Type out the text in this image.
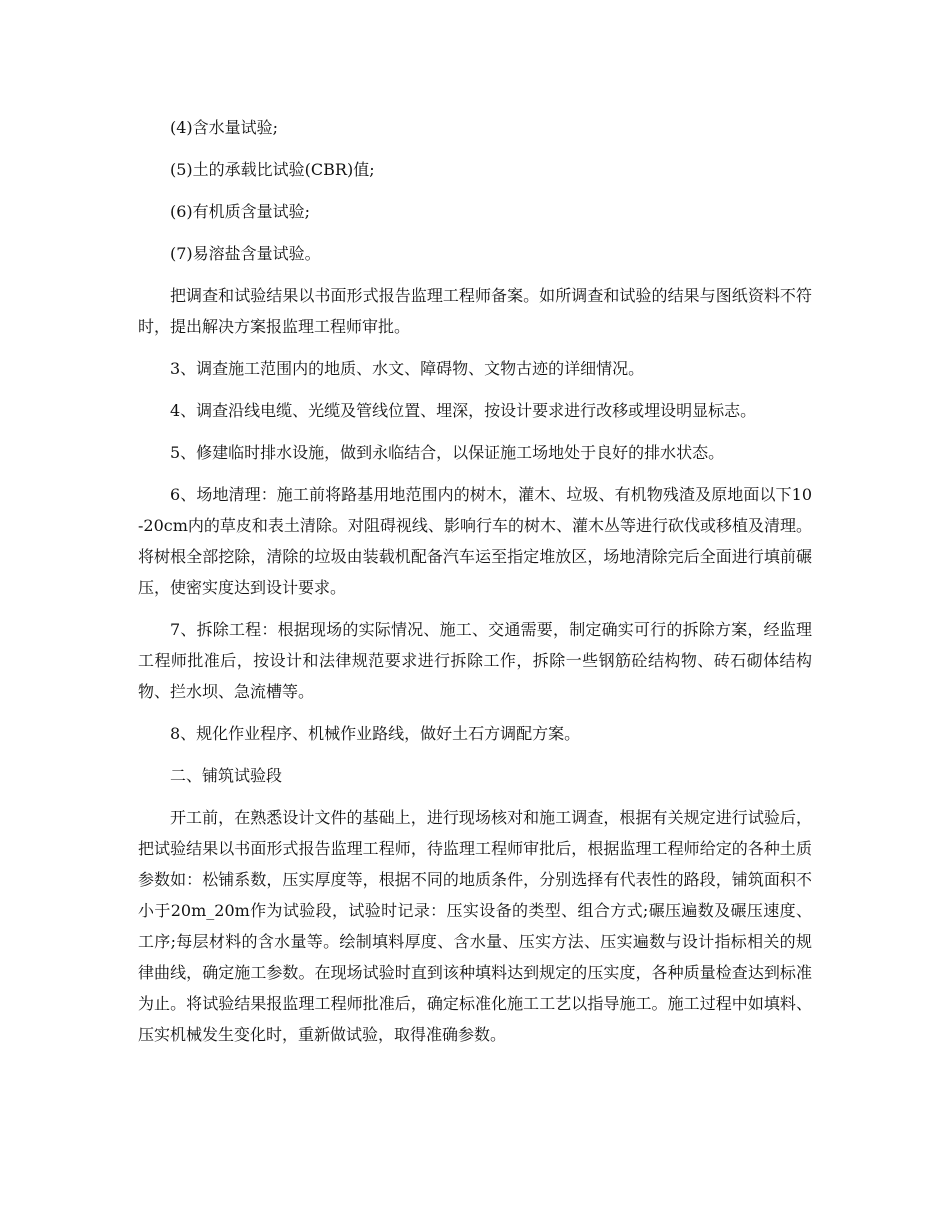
(4)含水量试验;

(5)土的承载比试验(CBR)值;

(6)有机质含量试验;

(7)易溶盐含量试验。

把调查和试验结果以书面形式报告监理工程师备案。如所调查和试验的结果与图纸资料不符时，提出解决方案报监理工程师审批。

3、调查施工范围内的地质、水文、障碍物、文物古迹的详细情况。

4、调查沿线电缆、光缆及管线位置、埋深，按设计要求进行改移或埋设明显标志。

5、修建临时排水设施，做到永临结合，以保证施工场地处于良好的排水状态。

6、场地清理：施工前将路基用地范围内的树木，灌木、垃圾、有机物残渣及原地面以下10-20cm内的草皮和表土清除。对阻碍视线、影响行车的树木、灌木丛等进行砍伐或移植及清理。将树根全部挖除，清除的垃圾由装载机配备汽车运至指定堆放区，场地清除完后全面进行填前碾压，使密实度达到设计要求。

7、拆除工程：根据现场的实际情况、施工、交通需要，制定确实可行的拆除方案，经监理工程师批准后，按设计和法律规范要求进行拆除工作，拆除一些钢筋砼结构物、砖石砌体结构物、拦水坝、急流槽等。

8、规化作业程序、机械作业路线，做好土石方调配方案。

二、铺筑试验段

开工前，在熟悉设计文件的基础上，进行现场核对和施工调查，根据有关规定进行试验后，把试验结果以书面形式报告监理工程师，待监理工程师审批后，根据监理工程师给定的各种土质参数如：松铺系数，压实厚度等，根据不同的地质条件，分别选择有代表性的路段，铺筑面积不小于20m_20m作为试验段，试验时记录：压实设备的类型、组合方式;碾压遍数及碾压速度、工序;每层材料的含水量等。绘制填料厚度、含水量、压实方法、压实遍数与设计指标相关的规律曲线，确定施工参数。在现场试验时直到该种填料达到规定的压实度，各种质量检查达到标准为止。将试验结果报监理工程师批准后，确定标准化施工工艺以指导施工。施工过程中如填料、压实机械发生变化时，重新做试验，取得准确参数。
